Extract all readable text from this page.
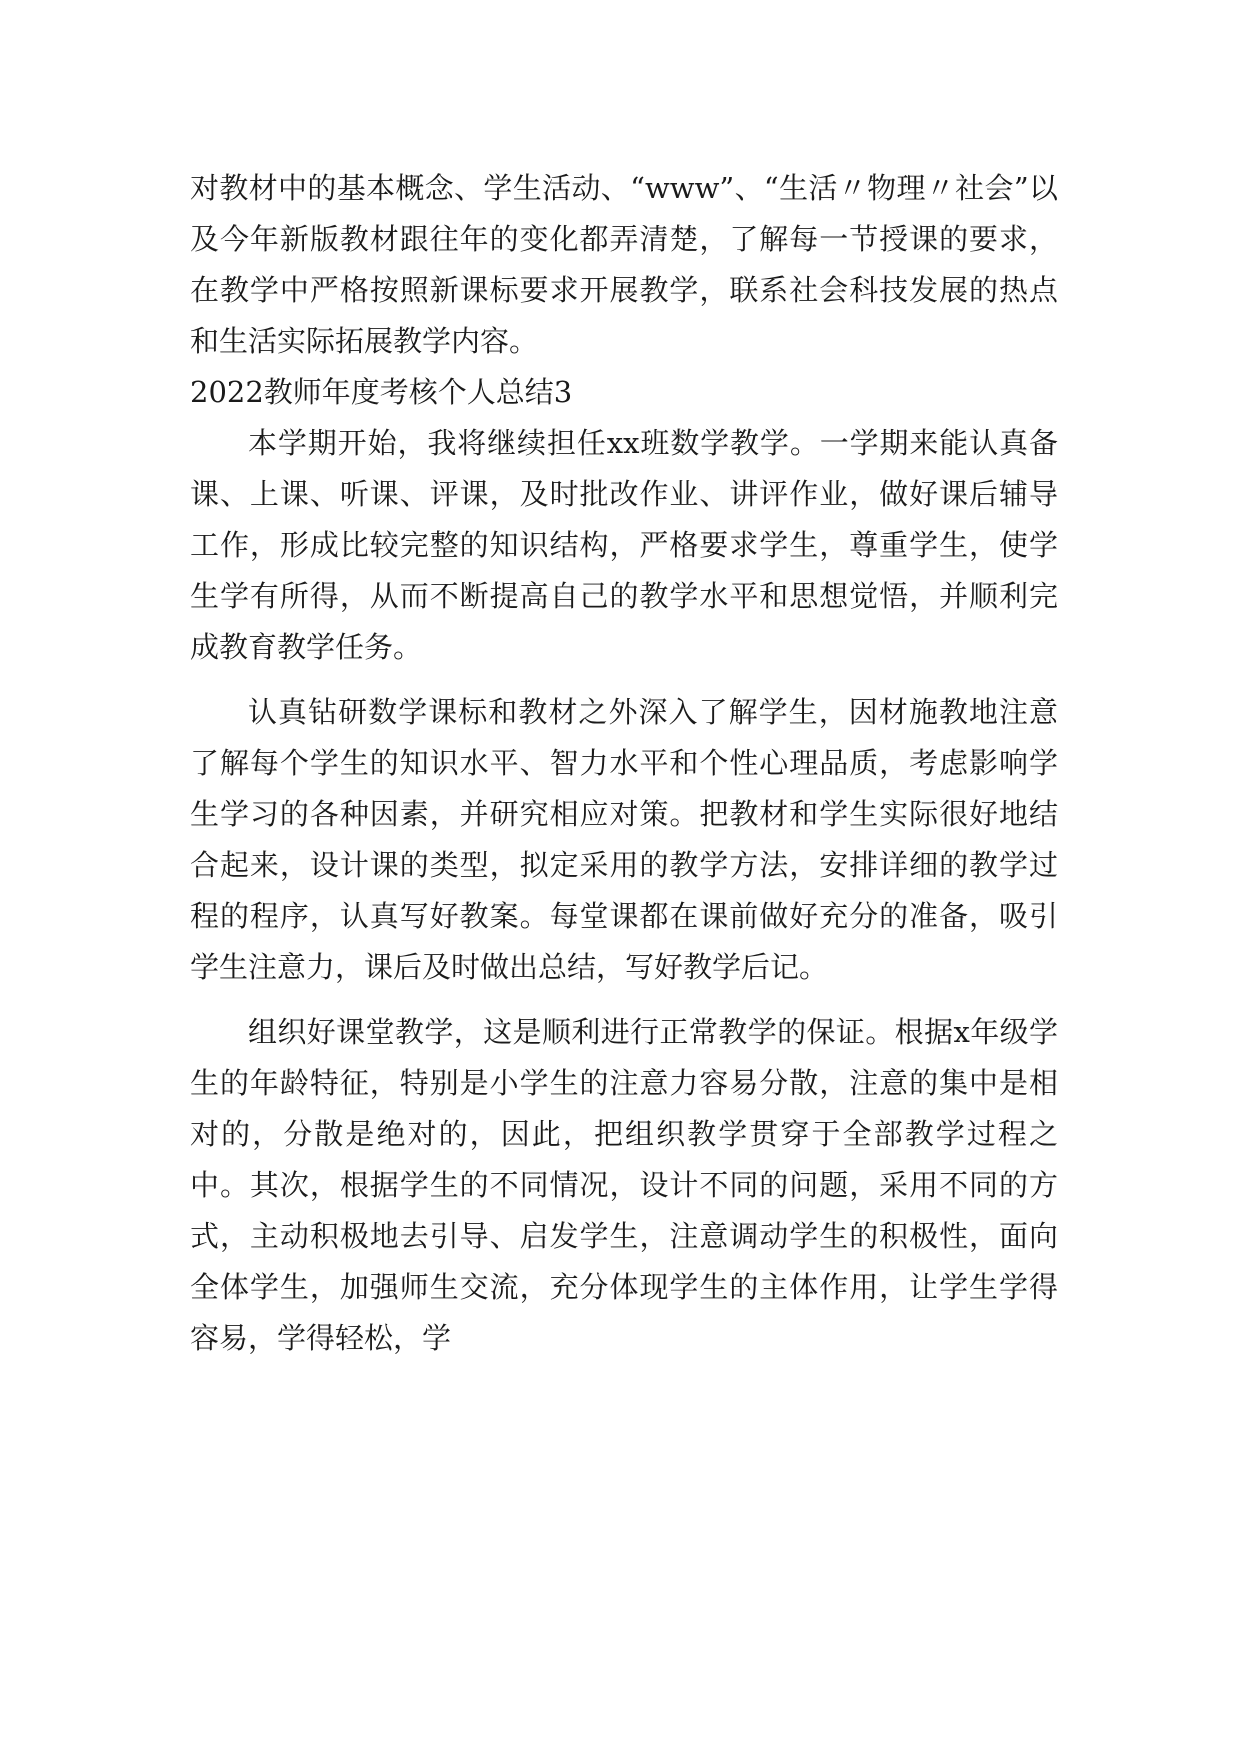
对教材中的基本概念、学生活动、“www”、“生活〃物理〃社会”以及今年新版教材跟往年的变化都弄清楚，了解每一节授课的要求，在教学中严格按照新课标要求开展教学，联系社会科技发展的热点和生活实际拓展教学内容。

2022教师年度考核个人总结3

本学期开始，我将继续担任xx班数学教学。一学期来能认真备课、上课、听课、评课，及时批改作业、讲评作业，做好课后辅导工作，形成比较完整的知识结构，严格要求学生，尊重学生，使学生学有所得，从而不断提高自己的教学水平和思想觉悟，并顺利完成教育教学任务。

认真钻研数学课标和教材之外深入了解学生，因材施教地注意了解每个学生的知识水平、智力水平和个性心理品质，考虑影响学生学习的各种因素，并研究相应对策。把教材和学生实际很好地结合起来，设计课的类型，拟定采用的教学方法，安排详细的教学过程的程序，认真写好教案。每堂课都在课前做好充分的准备，吸引学生注意力，课后及时做出总结，写好教学后记。

组织好课堂教学，这是顺利进行正常教学的保证。根据x年级学生的年龄特征，特别是小学生的注意力容易分散，注意的集中是相对的，分散是绝对的，因此，把组织教学贯穿于全部教学过程之中。其次，根据学生的不同情况，设计不同的问题，采用不同的方式，主动积极地去引导、启发学生，注意调动学生的积极性，面向全体学生，加强师生交流，充分体现学生的主体作用，让学生学得容易，学得轻松，学
